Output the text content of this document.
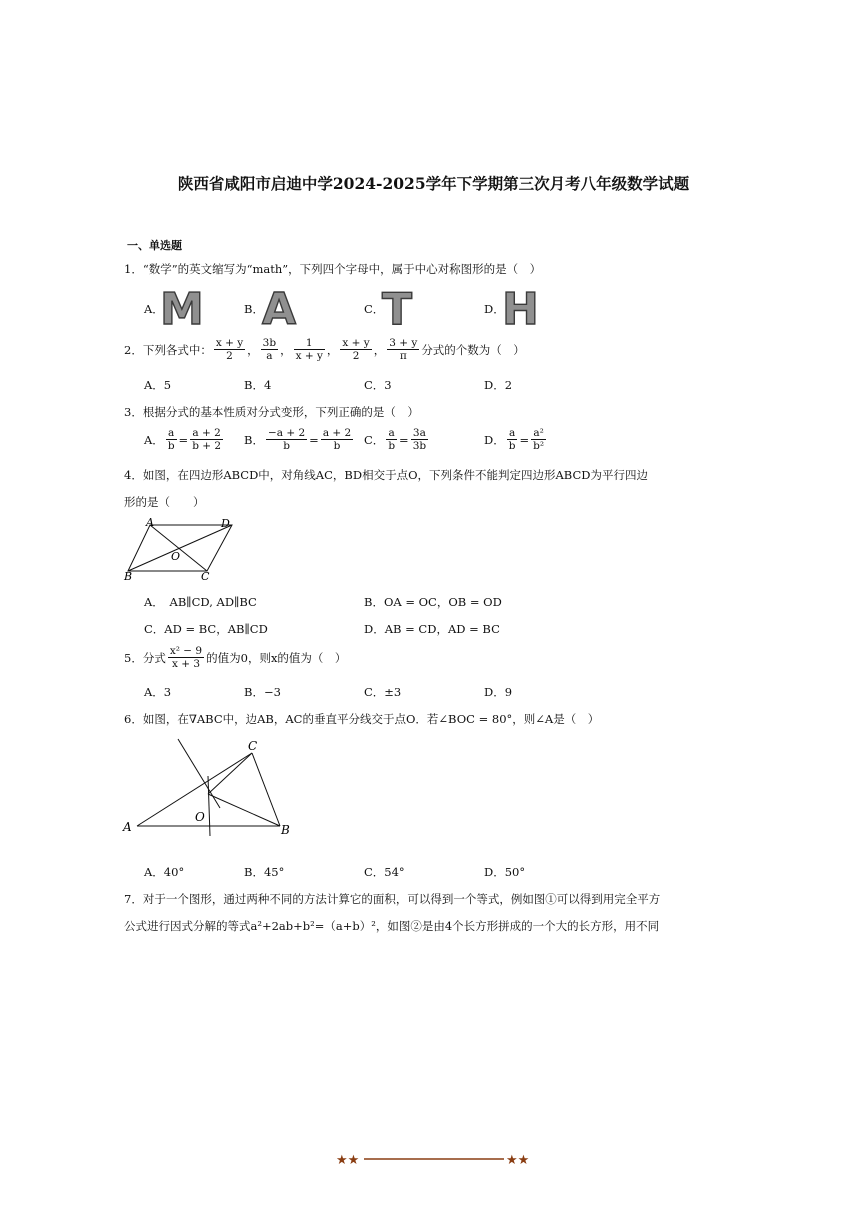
陕西省咸阳市启迪中学2024-2025学年下学期第三次月考八年级数学试题
一、单选题
1．“数学”的英文缩写为“math”，下列四个字母中，属于中心对称图形的是（　）
A．
M	B．
A	C．
T	D．
H
2．下列各式中： $\frac{x + y}{2}$ ， $\frac{3b}{a}$ ， $\frac{1}{x + y}$ ， $\frac{x + y}{2}$ ， $\frac{3 + y}{\pi}$ 分式的个数为（　）
A．5	B．4	C．3	D．2
3．根据分式的基本性质对分式变形，下列正确的是（　）
A． $\frac{a}{b} = \frac{a + 2}{b + 2}$ B． $\frac{-a + 2}{b} = \frac{a + 2}{b}$ C． $\frac{a}{b} = \frac{3a}{3b}$	D． $\frac{a}{b} = \frac{\text{a²}}{\text{b²}}$
4．如图，在四边形ABCD中，对角线AC，BD相交于点O，下列条件不能判定四边形ABCD为平行四边
形的是（　　）
A	D
O
B	C
A．　AB∥CD, AD∥BC	B．OA = OC，OB = OD
C．AD = BC，AB∥CD	D．AB = CD，AD = BC
5．分式 $\frac{\text{x² − 9}}{x + 3}$ 的值为0，则x的值为（　）
A．3	B．−3	C．±3	D．9
6．如图，在∇ABC中，边AB，AC的垂直平分线交于点O．若∠BOC = 80°，则∠A是（　）
C
A	B
O
A．40°	B．45°	C．54°	D．50°
7．对于一个图形，通过两种不同的方法计算它的面积，可以得到一个等式，例如图①可以得到用完全平方
公式进行因式分解的等式a²+2ab+b²=（a+b）²，如图②是由4个长方形拼成的一个大的长方形，用不同
★★	★★
